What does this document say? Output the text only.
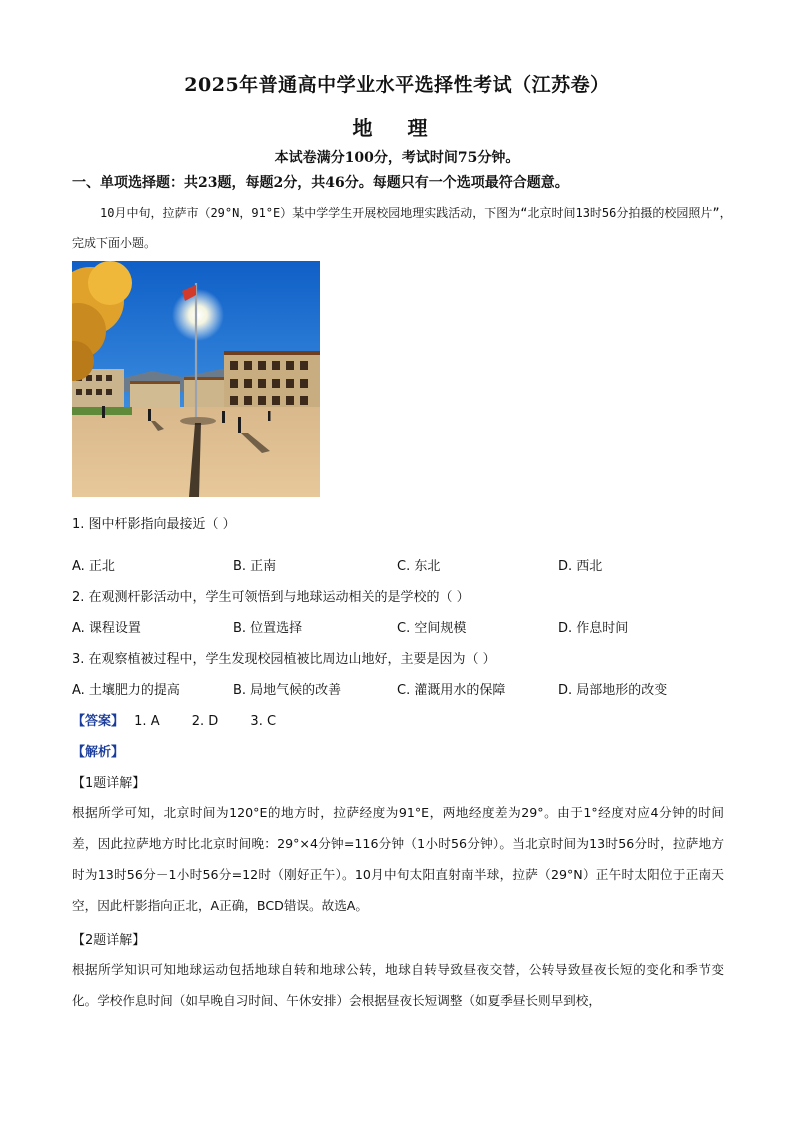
2025年普通高中学业水平选择性考试（江苏卷）
地 理
本试卷满分100分，考试时间75分钟。
一、单项选择题：共23题，每题2分，共46分。每题只有一个选项最符合题意。
10月中旬，拉萨市（29°N，91°E）某中学学生开展校园地理实践活动，下图为“北京时间13时56分拍摄的校园照片”，完成下面小题。
1. 图中杆影指向最接近（ ）
A. 正北	B. 正南	C. 东北	D. 西北
2. 在观测杆影活动中，学生可领悟到与地球运动相关的是学校的（ ）
A. 课程设置	B. 位置选择	C. 空间规模	D. 作息时间
3. 在观察植被过程中，学生发现校园植被比周边山地好，主要是因为（ ）
A. 土壤肥力的提高	B. 局地气候的改善	C. 灌溉用水的保障	D. 局部地形的改变
【答案】 1. A 2. D 3. C
【解析】
【1题详解】
根据所学可知，北京时间为120°E的地方时，拉萨经度为91°E，两地经度差为29°。由于1°经度对应4分钟的时间差，因此拉萨地方时比北京时间晚：29°×4分钟=116分钟（1小时56分钟）。当北京时间为13时56分时，拉萨地方时为13时56分－1小时56分=12时（刚好正午）。10月中旬太阳直射南半球，拉萨（29°N）正午时太阳位于正南天空，因此杆影指向正北，A正确，BCD错误。故选A。
【2题详解】
根据所学知识可知地球运动包括地球自转和地球公转，地球自转导致昼夜交替，公转导致昼夜长短的变化和季节变化。学校作息时间（如早晚自习时间、午休安排）会根据昼夜长短调整（如夏季昼长则早到校，
